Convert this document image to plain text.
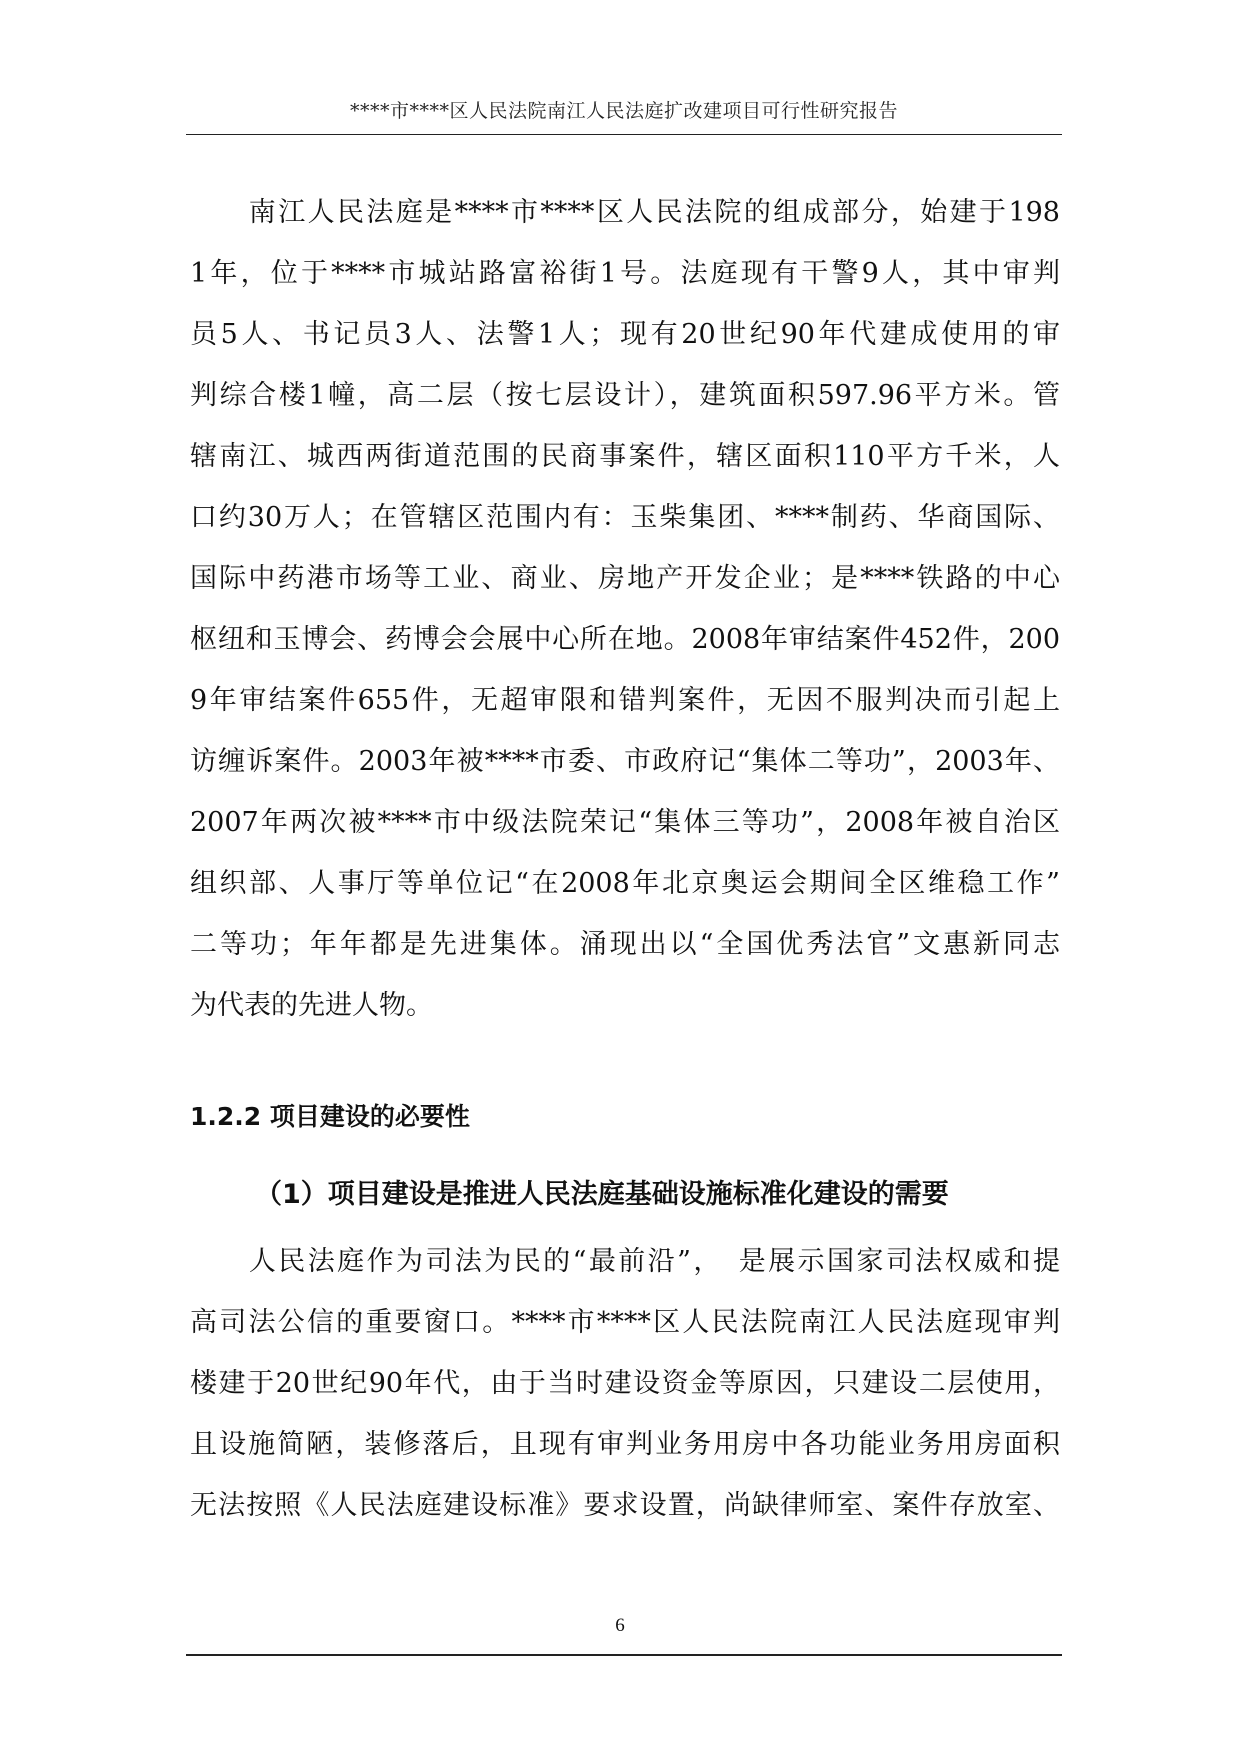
****市****区人民法院南江人民法庭扩改建项目可行性研究报告
　　南江人民法庭是****市****区人民法院的组成部分，始建于198
1年，位于****市城站路富裕街1号。法庭现有干警9人，其中审判
员5人、书记员3人、法警1人；现有20世纪90年代建成使用的审
判综合楼1幢，高二层（按七层设计），建筑面积597.96平方米。管
辖南江、城西两街道范围的民商事案件，辖区面积110平方千米，人
口约30万人；在管辖区范围内有：玉柴集团、****制药、华商国际、
国际中药港市场等工业、商业、房地产开发企业；是****铁路的中心
枢纽和玉博会、药博会会展中心所在地。2008年审结案件452件，200
9年审结案件655件，无超审限和错判案件，无因不服判决而引起上
访缠诉案件。2003年被****市委、市政府记“集体二等功”，2003年、
2007年两次被****市中级法院荣记“集体三等功”，2008年被自治区
组织部、人事厅等单位记“在2008年北京奥运会期间全区维稳工作”
二等功；年年都是先进集体。涌现出以“全国优秀法官”文惠新同志
为代表的先进人物。
1.2.2 项目建设的必要性
（1）项目建设是推进人民法庭基础设施标准化建设的需要
　　人民法庭作为司法为民的“最前沿”，　是展示国家司法权威和提
高司法公信的重要窗口。****市****区人民法院南江人民法庭现审判
楼建于20世纪90年代，由于当时建设资金等原因，只建设二层使用，
且设施简陋，装修落后，且现有审判业务用房中各功能业务用房面积
无法按照《人民法庭建设标准》要求设置，尚缺律师室、案件存放室、
6
